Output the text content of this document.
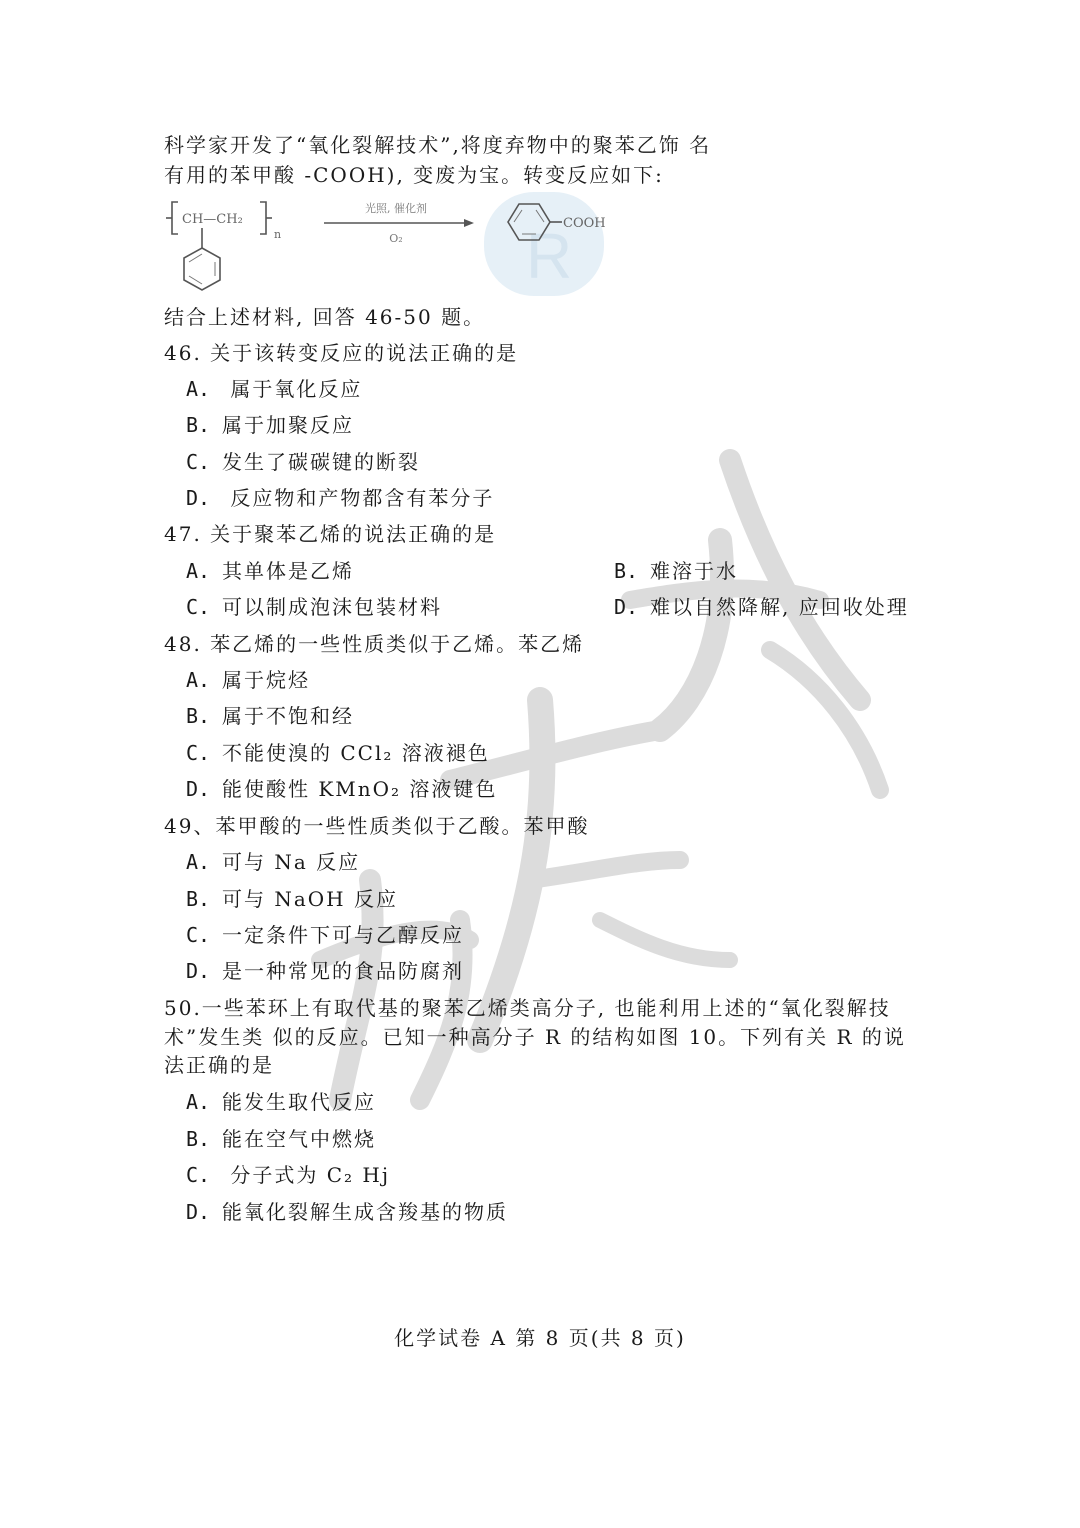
科学家开发了“氧化裂解技术”,将度弃物中的聚苯乙饰 名
有用的苯甲酸 -COOH), 变废为宝。转变反应如下:
R
CH—CH₂
n
光照, 催化剂
O₂
COOH
结合上述材料, 回答 46-50 题。
46. 关于该转变反应的说法正确的是
A. 属于氧化反应
B. 属于加聚反应
C. 发生了碳碳键的断裂
D. 反应物和产物都含有苯分子
47. 关于聚苯乙烯的说法正确的是
A. 其单体是乙烯	B. 难溶于水
C. 可以制成泡沫包装材料	D. 难以自然降解, 应回收处理
48. 苯乙烯的一些性质类似于乙烯。苯乙烯
A. 属于烷烃
B. 属于不饱和经
C. 不能使溴的 CCl₂ 溶液褪色
D. 能使酸性 KMnO₂ 溶液键色
49、苯甲酸的一些性质类似于乙酸。苯甲酸
A. 可与 Na 反应
B. 可与 NaOH 反应
C. 一定条件下可与乙醇反应
D. 是一种常见的食品防腐剂
50.一些苯环上有取代基的聚苯乙烯类高分子, 也能利用上述的“氧化裂解技
术”发生类 似的反应。已知一种高分子 R 的结构如图 10。下列有关 R 的说
法正确的是
A. 能发生取代反应
B. 能在空气中燃烧
C. 分子式为 C₂ Hj
D. 能氧化裂解生成含羧基的物质
化学试卷 A 第 8 页(共 8 页)
